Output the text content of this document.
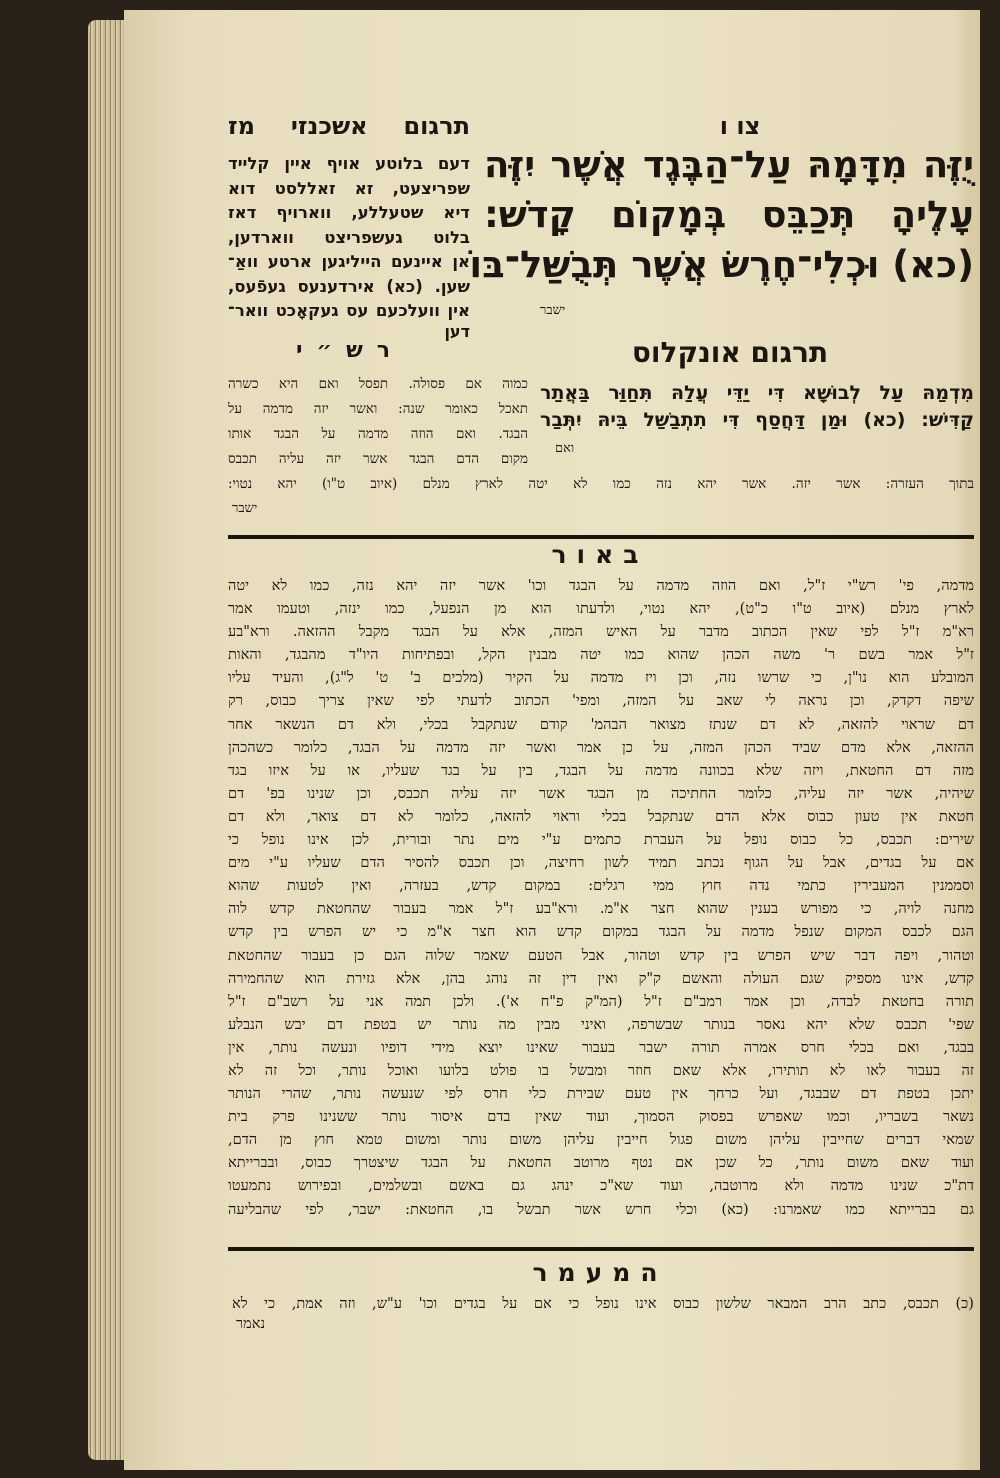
צו ו
תרגום אשכנזי מז
יֻזֶּה מִדָּמָהּ עַל־הַבֶּגֶד אֲשֶׁר יִזֶּה
עָלֶיהָ תְּכַבֵּס בְּמָקוֹם קָדֹשׁ:
(כא) וּכְלִי־חֶרֶשׂ אֲשֶׁר תְּבֻשַּׁל־בּוֹ
ישבר
דעם בלוטע אויף איין קלייד
שפריצעט, זא זאללסט דוא
דיא שטעללע, ווארויף דאז
בלוט געשפריצט ווארדען,
אן איינעם הייליגען ארטע וואַ־
שען. (כא) אירדענעס געפֿעס,
אין וועלכעם עס געקאָכט וואר־
דען
תרגום אונקלוס
רש״י
מִדְמַהּ עַל לְבוּשָׁא דִּי יַדֵּי עֲלַהּ תִּחַוַּר בַּאֲתַר
קַדִּישׁ: (כא) וּמַן דַּחֲסַף דִּי תִתְבַשַּׁל בֵּיהּ יִתְּבַר
ואם
כמוה אם פסולה. תפסל ואם היא כשרה
תאכל כאומר שנה: ואשר יזה מדמה על
הבגד. ואם הוזה מדמה על הבגד אותו
מקום הדם הבגד אשר יזה עליה תכבס
בתוך העזרה: אשר יזה. אשר יהא נזה כמו לא יטה לארץ מנלם (איוב ט"ו) יהא נטוי:
ישבר
באור
מדמה, פי' רש"י ז"ל, ואם הוזה מדמה על הבגד וכו' אשר יזה יהא נזה, כמו לא יטה
לארץ מנלם (איוב ט"ו כ"ט), יהא נטוי, ולדעתו הוא מן הנפעל, כמו ינזה, וטעמו אמר
רא"מ ז"ל לפי שאין הכתוב מדבר על האיש המזה, אלא על הבגד מקבל ההזאה. ורא"בע
ז"ל אמר בשם ר' משה הכהן שהוא כמו יטה מבנין הקל, ובפתיחות היו"ד מהבגד, והאות
המובלע הוא נו"ן, כי שרשו נזה, וכן ויז מדמה על הקיר (מלכים ב' ט' ל"ג), והעיד עליו
שיפה דקדק, וכן נראה לי שאב על המזה, ומפי' הכתוב לדעתי לפי שאין צריך כבוס, רק
דם שראוי להזאה, לא דם שנתז מצואר הבהמ' קודם שנתקבל בכלי, ולא דם הנשאר אחר
ההזאה, אלא מדם שביד הכהן המזה, על כן אמר ואשר יזה מדמה על הבגד, כלומר כשהכהן
מזה דם החטאת, ויזה שלא בכוונה מדמה על הבגד, בין על בגד שעליו, או על איזו בגד
שיהיה, אשר יזה עליה, כלומר החתיכה מן הבגד אשר יזה עליה תכבס, וכן שנינו בפ' דם
חטאת אין טעון כבוס אלא הדם שנתקבל בכלי וראוי להזאה, כלומר לא דם צואר, ולא דם
שירים: תכבס, כל כבוס נופל על העברת כתמים ע"י מים נתר ובורית, לכן אינו נופל כי
אם על בגדים, אבל על הגוף נכתב תמיד לשון רחיצה, וכן תכבס להסיר הדם שעליו ע"י מים
וסממנין המעבירין כתמי נדה חוץ ממי רגלים: במקום קדש, בעזרה, ואין לטעות שהוא
מחנה לויה, כי מפורש בענין שהוא חצר א"מ. ורא"בע ז"ל אמר בעבור שהחטאת קדש לוה
הגם לכבס המקום שנפל מדמה על הבגד במקום קדש הוא חצר א"מ כי יש הפרש בין קדש
וטהור, ויפה דבר שיש הפרש בין קדש וטהור, אבל הטעם שאמר שלוה הגם כן בעבור שהחטאת
קדש, אינו מספיק שגם העולה והאשם ק"ק ואין דין זה נוהג בהן, אלא גזירת הוא שהחמירה
תורה בחטאת לבדה, וכן אמר רמב"ם ז"ל (המ"ק פ"ח א'). ולכן תמה אני על רשב"ם ז"ל
שפי' תכבס שלא יהא נאסר בנותר שבשרפה, ואיני מבין מה נותר יש בטפת דם יבש הנבלע
בבגד, ואם בכלי חרס אמרה תורה ישבר בעבור שאינו יוצא מידי דופיו ונעשה נותר, אין
זה בעבור לאו לא תותירו, אלא שאם חוזר ומבשל בו פולט בלועו ואוכל נותר, וכל זה לא
יתכן בטפת דם שבבגד, ועל כרחך אין טעם שבירת כלי חרס לפי שנעשה נותר, שהרי הנותר
נשאר בשבריו, וכמו שאפרש בפסוק הסמוך, ועוד שאין בדם איסור נותר ששנינו פרק בית
שמאי דברים שחייבין עליהן משום פגול חייבין עליהן משום נותר ומשום טמא חוץ מן הדם,
ועוד שאם משום נותר, כל שכן אם נטף מרוטב החטאת על הבגד שיצטרך כבוס, ובברייתא
דת"כ שנינו מדמה ולא מרוטבה, ועוד שא"כ ינהג גם באשם ובשלמים, ובפירוש נתמעטו
גם בברייתא כמו שאמרנו: (כא) וכלי חרש אשר תבשל בו, החטאת: ישבר, לפי שהבליעה
המעמר
(כ) תכבס, כתב הרב המבאר שלשון כבוס אינו נופל כי אם על בגדים וכו' ע"ש, וזה אמת, כי לא
נאמר
